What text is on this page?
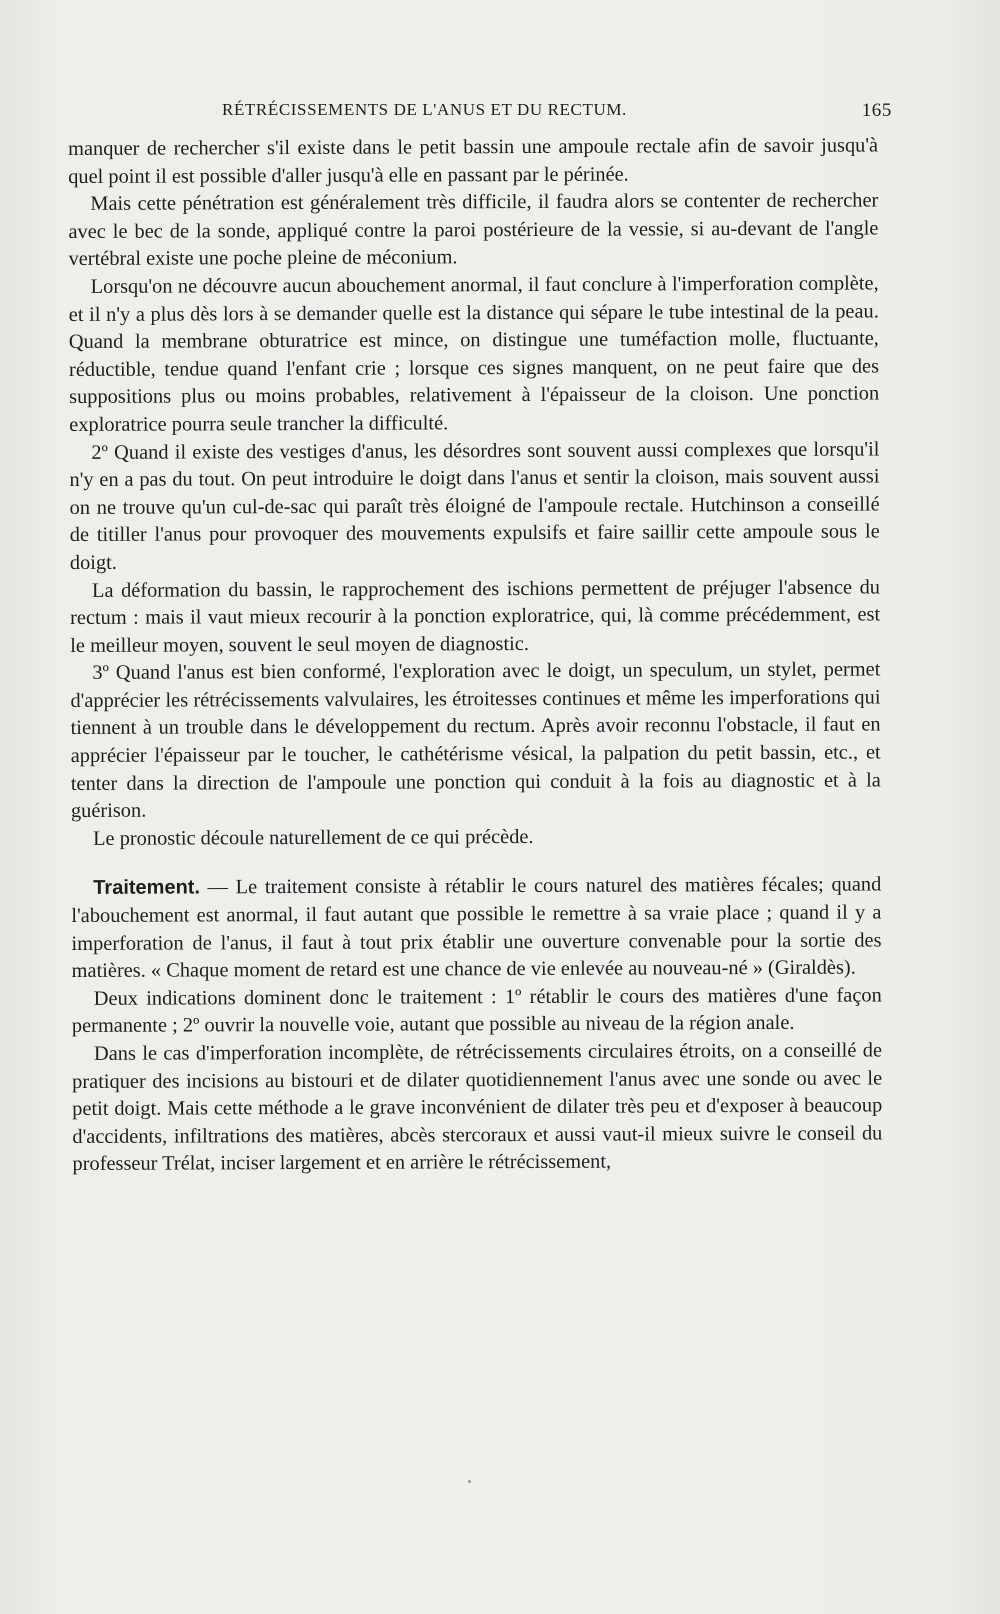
RÉTRÉCISSEMENTS DE L'ANUS ET DU RECTUM.	165

manquer de rechercher s'il existe dans le petit bassin une ampoule rectale afin de savoir jusqu'à quel point il est possible d'aller jusqu'à elle en passant par le périnée.

Mais cette pénétration est généralement très difficile, il faudra alors se contenter de rechercher avec le bec de la sonde, appliqué contre la paroi postérieure de la vessie, si au-devant de l'angle vertébral existe une poche pleine de méconium.

Lorsqu'on ne découvre aucun abouchement anormal, il faut conclure à l'imperforation complète, et il n'y a plus dès lors à se demander quelle est la distance qui sépare le tube intestinal de la peau. Quand la membrane obturatrice est mince, on distingue une tuméfaction molle, fluctuante, réductible, tendue quand l'enfant crie ; lorsque ces signes manquent, on ne peut faire que des suppositions plus ou moins probables, relativement à l'épaisseur de la cloison. Une ponction exploratrice pourra seule trancher la difficulté.

2º Quand il existe des vestiges d'anus, les désordres sont souvent aussi complexes que lorsqu'il n'y en a pas du tout. On peut introduire le doigt dans l'anus et sentir la cloison, mais souvent aussi on ne trouve qu'un cul-de-sac qui paraît très éloigné de l'ampoule rectale. Hutchinson a conseillé de titiller l'anus pour provoquer des mouvements expulsifs et faire saillir cette ampoule sous le doigt.

La déformation du bassin, le rapprochement des ischions permettent de préjuger l'absence du rectum : mais il vaut mieux recourir à la ponction exploratrice, qui, là comme précédemment, est le meilleur moyen, souvent le seul moyen de diagnostic.

3º Quand l'anus est bien conformé, l'exploration avec le doigt, un speculum, un stylet, permet d'apprécier les rétrécissements valvulaires, les étroitesses continues et même les imperforations qui tiennent à un trouble dans le développement du rectum. Après avoir reconnu l'obstacle, il faut en apprécier l'épaisseur par le toucher, le cathétérisme vésical, la palpation du petit bassin, etc., et tenter dans la direction de l'ampoule une ponction qui conduit à la fois au diagnostic et à la guérison.

Le pronostic découle naturellement de ce qui précède.

Traitement. — Le traitement consiste à rétablir le cours naturel des matières fécales; quand l'abouchement est anormal, il faut autant que possible le remettre à sa vraie place ; quand il y a imperforation de l'anus, il faut à tout prix établir une ouverture convenable pour la sortie des matières. « Chaque moment de retard est une chance de vie enlevée au nouveau-né » (Giraldès).

Deux indications dominent donc le traitement : 1º rétablir le cours des matières d'une façon permanente ; 2º ouvrir la nouvelle voie, autant que possible au niveau de la région anale.

Dans le cas d'imperforation incomplète, de rétrécissements circulaires étroits, on a conseillé de pratiquer des incisions au bistouri et de dilater quotidiennement l'anus avec une sonde ou avec le petit doigt. Mais cette méthode a le grave inconvénient de dilater très peu et d'exposer à beaucoup d'accidents, infiltrations des matières, abcès stercoraux et aussi vaut-il mieux suivre le conseil du professeur Trélat, inciser largement et en arrière le rétrécissement,
